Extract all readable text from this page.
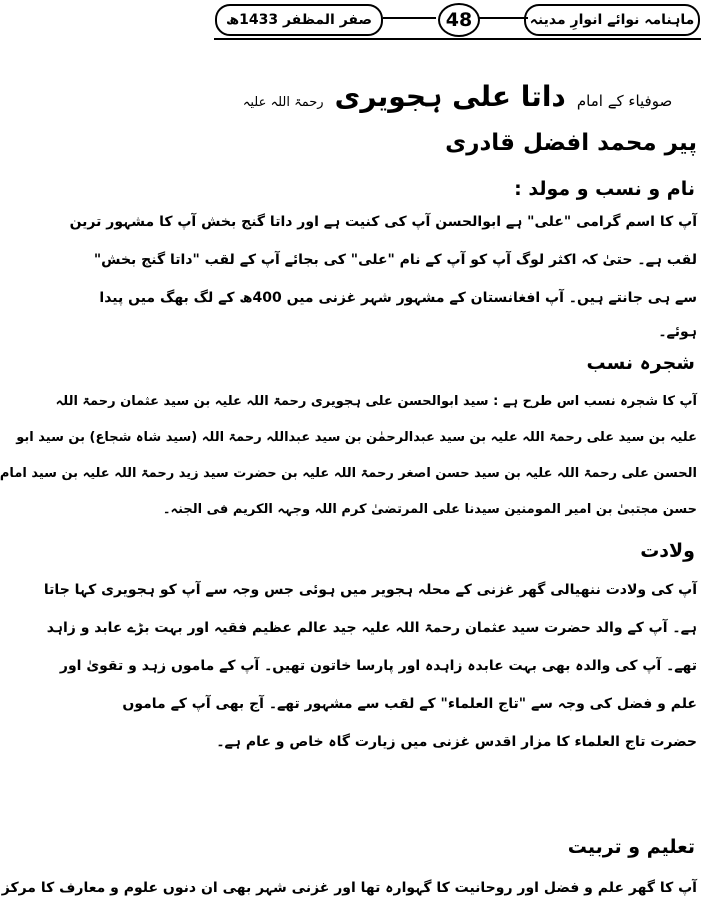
ماہنامہ نوائے انوارِ مدینہ
48
صفر المظفر 1433ھ
صوفیاء کے امام داتا علی ہجویری رحمۃ اللہ علیہ
پیر محمد افضل قادری
نام و نسب و مولد :
آپ کا اسم گرامی "علی" ہے ابوالحسن آپ کی کنیت ہے اور داتا گنج بخش آپ کا مشہور ترین
لقب ہے۔ حتیٰ کہ اکثر لوگ آپ کو آپ کے نام "علی" کی بجائے آپ کے لقب "داتا گنج بخش"
سے ہی جانتے ہیں۔ آپ افغانستان کے مشہور شہر غزنی میں 400ھ کے لگ بھگ میں پیدا
ہوئے۔
شجرہ نسب
آپ کا شجرہ نسب اس طرح ہے : سید ابوالحسن علی ہجویری رحمۃ اللہ علیہ بن سید عثمان رحمۃ اللہ
علیہ بن سید علی رحمۃ اللہ علیہ بن سید عبدالرحمٰن بن سید عبداللہ رحمۃ اللہ (سید شاہ شجاع) بن سید ابو
الحسن علی رحمۃ اللہ علیہ بن سید حسن اصغر رحمۃ اللہ علیہ بن حضرت سید زید رحمۃ اللہ علیہ بن سید امام
حسن مجتبیٰ بن امیر المومنین سیدنا علی المرتضیٰ کرم اللہ وجہہ الکریم فی الجنہ۔
ولادت
آپ کی ولادت ننھیالی گھر غزنی کے محلہ ہجویر میں ہوئی جس وجہ سے آپ کو ہجویری کہا جاتا
ہے۔ آپ کے والد حضرت سید عثمان رحمۃ اللہ علیہ جید عالم عظیم فقیہ اور بہت بڑے عابد و زاہد
تھے۔ آپ کی والدہ بھی بہت عابدہ زاہدہ اور پارسا خاتون تھیں۔ آپ کے ماموں زہد و تقویٰ اور
علم و فضل کی وجہ سے "تاج العلماء" کے لقب سے مشہور تھے۔ آج بھی آپ کے ماموں
حضرت تاج العلماء کا مزار اقدس غزنی میں زیارت گاہ خاص و عام ہے۔
تعلیم و تربیت
آپ کا گھر علم و فضل اور روحانیت کا گہوارہ تھا اور غزنی شہر بھی ان دنوں علوم و معارف کا مرکز
